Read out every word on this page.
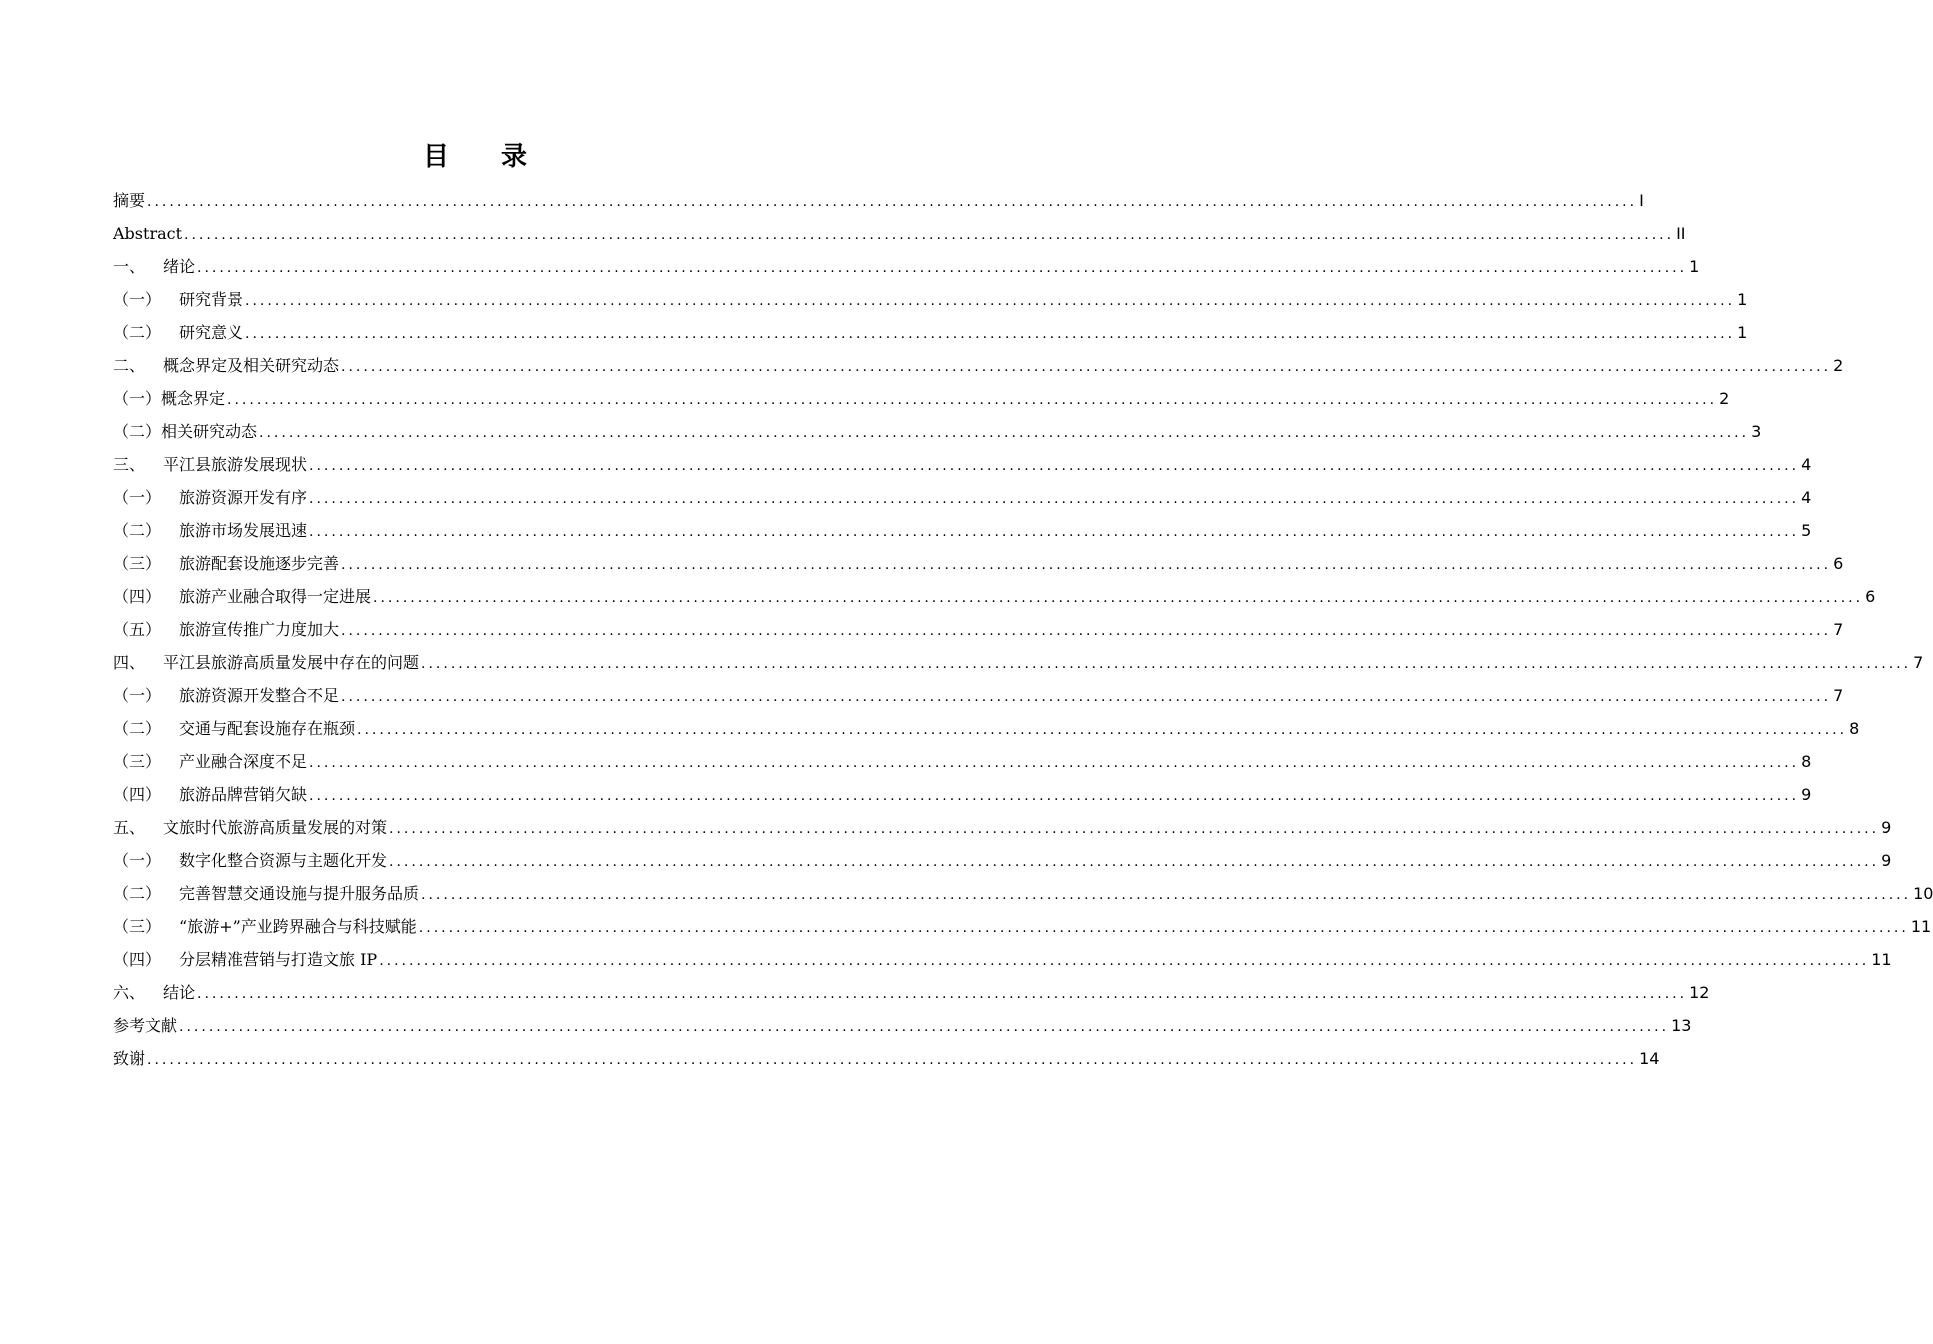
目 录
摘要 ........................................................................................................................................................................................................ I
Abstract ........................................................................................................................................................................................................ II
一、 绪论 ........................................................................................................................................................................................................ 1
（一） 研究背景 ........................................................................................................................................................................................................ 1
（二） 研究意义 ........................................................................................................................................................................................................ 1
二、 概念界定及相关研究动态 ........................................................................................................................................................................................................ 2
（一）概念界定 ........................................................................................................................................................................................................ 2
（二）相关研究动态 ........................................................................................................................................................................................................ 3
三、 平江县旅游发展现状 ........................................................................................................................................................................................................ 4
（一） 旅游资源开发有序 ........................................................................................................................................................................................................ 4
（二） 旅游市场发展迅速 ........................................................................................................................................................................................................ 5
（三） 旅游配套设施逐步完善 ........................................................................................................................................................................................................ 6
（四） 旅游产业融合取得一定进展 ........................................................................................................................................................................................................ 6
（五） 旅游宣传推广力度加大 ........................................................................................................................................................................................................ 7
四、 平江县旅游高质量发展中存在的问题 ........................................................................................................................................................................................................ 7
（一） 旅游资源开发整合不足 ........................................................................................................................................................................................................ 7
（二） 交通与配套设施存在瓶颈 ........................................................................................................................................................................................................ 8
（三） 产业融合深度不足 ........................................................................................................................................................................................................ 8
（四） 旅游品牌营销欠缺 ........................................................................................................................................................................................................ 9
五、 文旅时代旅游高质量发展的对策 ........................................................................................................................................................................................................ 9
（一） 数字化整合资源与主题化开发 ........................................................................................................................................................................................................ 9
（二） 完善智慧交通设施与提升服务品质 ........................................................................................................................................................................................................ 10
（三） “旅游+”产业跨界融合与科技赋能 ........................................................................................................................................................................................................ 11
（四） 分层精准营销与打造文旅 IP ........................................................................................................................................................................................................ 11
六、 结论 ........................................................................................................................................................................................................ 12
参考文献 ........................................................................................................................................................................................................ 13
致谢 ........................................................................................................................................................................................................ 14
